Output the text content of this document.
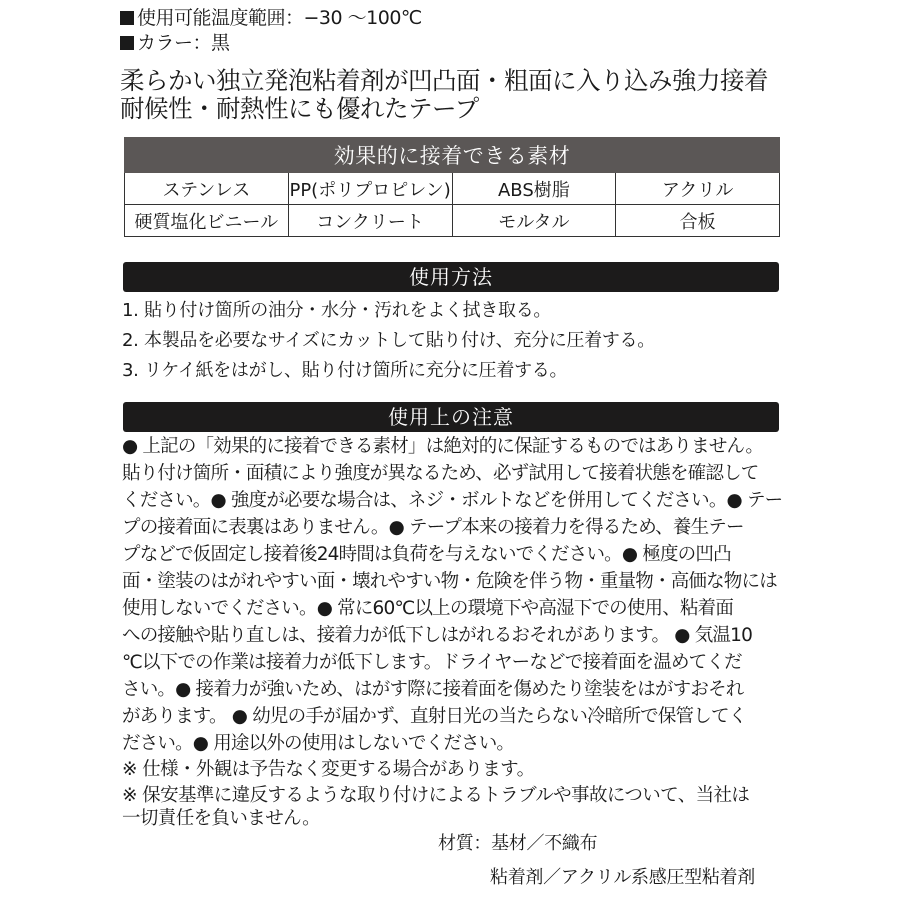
使用可能温度範囲：−30 〜100℃
カラー：黒
柔らかい独立発泡粘着剤が凹凸面・粗面に入り込み強力接着
耐候性・耐熱性にも優れたテープ
効果的に接着できる素材			
ステンレス	PP(ポリプロピレン)	ABS樹脂	アクリル
硬質塩化ビニール	コンクリート	モルタル	合板
使用方法
1. 貼り付け箇所の油分・水分・汚れをよく拭き取る。
2. 本製品を必要なサイズにカットして貼り付け、充分に圧着する。
3. リケイ紙をはがし、貼り付け箇所に充分に圧着する。
使用上の注意
● 上記の「効果的に接着できる素材」は絶対的に保証するものではありません。
貼り付け箇所・面積により強度が異なるため、必ず試用して接着状態を確認して
ください。● 強度が必要な場合は、ネジ・ボルトなどを併用してください。● テー
プの接着面に表裏はありません。● テープ本来の接着力を得るため、養生テー
プなどで仮固定し接着後24時間は負荷を与えないでください。● 極度の凹凸
面・塗装のはがれやすい面・壊れやすい物・危険を伴う物・重量物・高価な物には
使用しないでください。● 常に60℃以上の環境下や高湿下での使用、粘着面
への接触や貼り直しは、接着力が低下しはがれるおそれがあります。 ● 気温10
℃以下での作業は接着力が低下します。ドライヤーなどで接着面を温めてくだ
さい。● 接着力が強いため、はがす際に接着面を傷めたり塗装をはがすおそれ
があります。 ● 幼児の手が届かず、直射日光の当たらない冷暗所で保管してく
ださい。● 用途以外の使用はしないでください。
※ 仕様・外観は予告なく変更する場合があります。
※ 保安基準に違反するような取り付けによるトラブルや事故について、当社は
一切責任を負いません。
材質：基材／不織布
粘着剤／アクリル系感圧型粘着剤
